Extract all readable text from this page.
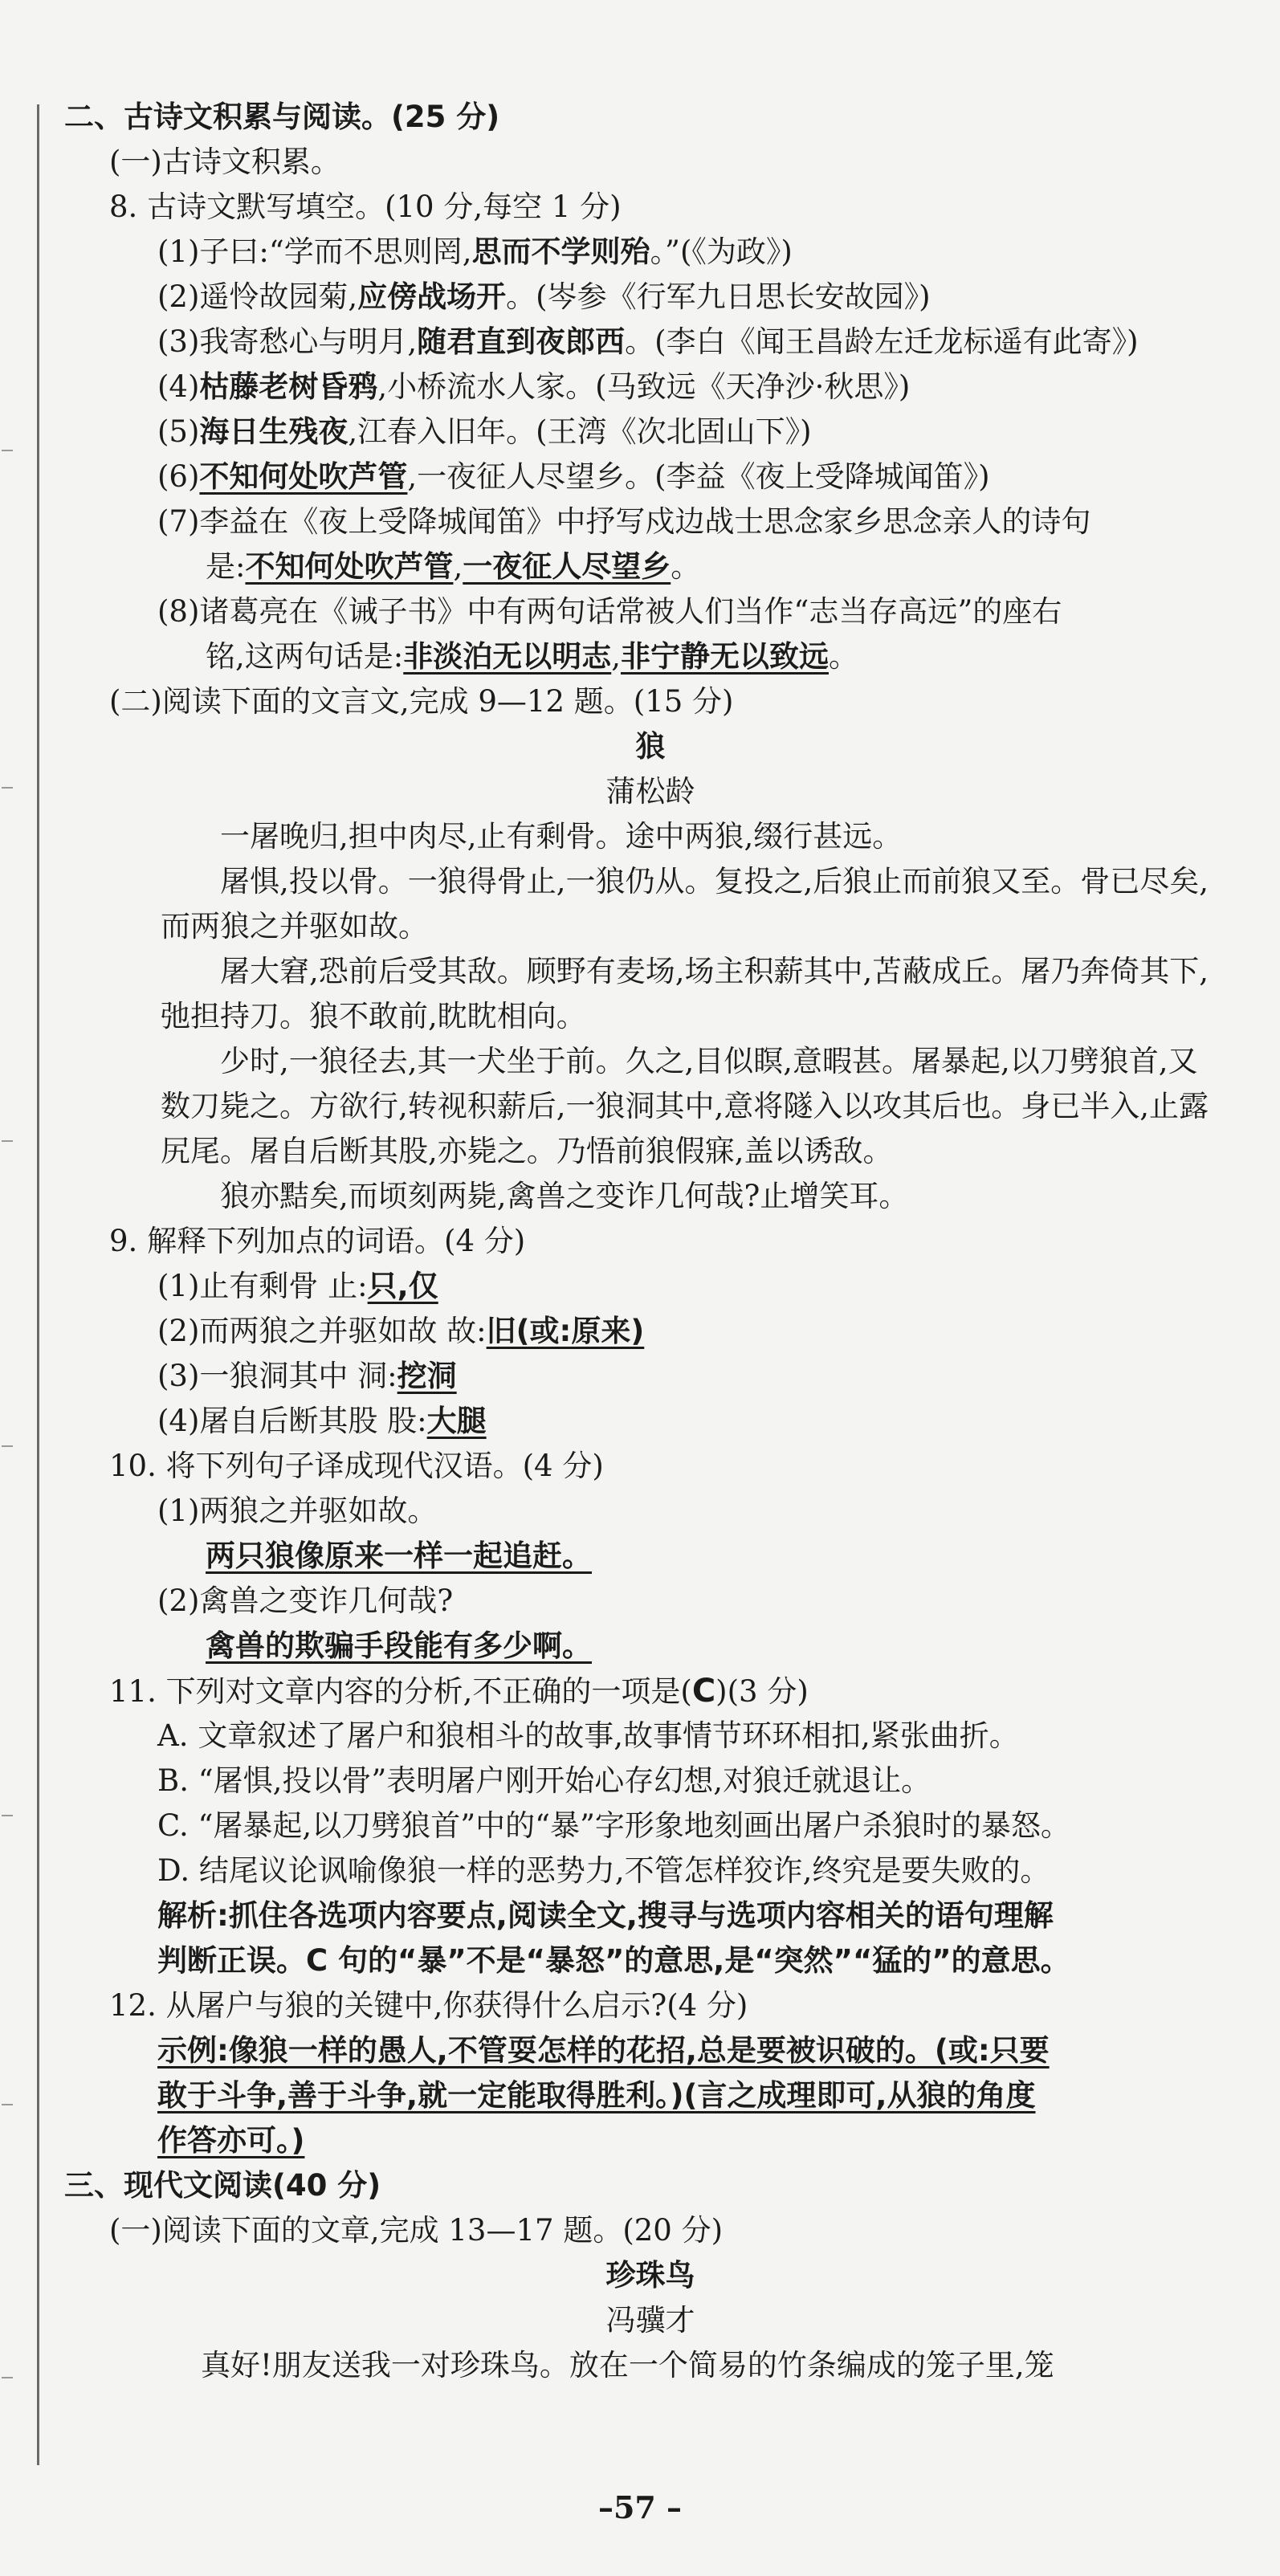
二、古诗文积累与阅读。(25 分)
(一)古诗文积累。
8. 古诗文默写填空。(10 分,每空 1 分)
(1)子曰:“学而不思则罔,思而不学则殆。”(《为政》)
(2)遥怜故园菊,应傍战场开。(岑参《行军九日思长安故园》)
(3)我寄愁心与明月,随君直到夜郎西。(李白《闻王昌龄左迁龙标遥有此寄》)
(4)枯藤老树昏鸦,小桥流水人家。(马致远《天净沙·秋思》)
(5)海日生残夜,江春入旧年。(王湾《次北固山下》)
(6)不知何处吹芦管,一夜征人尽望乡。(李益《夜上受降城闻笛》)
(7)李益在《夜上受降城闻笛》中抒写戍边战士思念家乡思念亲人的诗句
是:不知何处吹芦管,一夜征人尽望乡。
(8)诸葛亮在《诫子书》中有两句话常被人们当作“志当存高远”的座右
铭,这两句话是:非淡泊无以明志,非宁静无以致远。
(二)阅读下面的文言文,完成 9—12 题。(15 分)
狼
蒲松龄
一屠晚归,担中肉尽,止有剩骨。途中两狼,缀行甚远。
屠惧,投以骨。一狼得骨止,一狼仍从。复投之,后狼止而前狼又至。骨已尽矣,而两狼之并驱如故。
屠大窘,恐前后受其敌。顾野有麦场,场主积薪其中,苫蔽成丘。屠乃奔倚其下,弛担持刀。狼不敢前,眈眈相向。
少时,一狼径去,其一犬坐于前。久之,目似瞑,意暇甚。屠暴起,以刀劈狼首,又数刀毙之。方欲行,转视积薪后,一狼洞其中,意将隧入以攻其后也。身已半入,止露尻尾。屠自后断其股,亦毙之。乃悟前狼假寐,盖以诱敌。
狼亦黠矣,而顷刻两毙,禽兽之变诈几何哉?止增笑耳。
9. 解释下列加点的词语。(4 分)
(1)止有剩骨 止:只,仅
(2)而两狼之并驱如故 故:旧(或:原来)
(3)一狼洞其中 洞:挖洞
(4)屠自后断其股 股:大腿
10. 将下列句子译成现代汉语。(4 分)
(1)两狼之并驱如故。
两只狼像原来一样一起追赶。
(2)禽兽之变诈几何哉?
禽兽的欺骗手段能有多少啊。
11. 下列对文章内容的分析,不正确的一项是(C)(3 分)
A. 文章叙述了屠户和狼相斗的故事,故事情节环环相扣,紧张曲折。
B. “屠惧,投以骨”表明屠户刚开始心存幻想,对狼迁就退让。
C. “屠暴起,以刀劈狼首”中的“暴”字形象地刻画出屠户杀狼时的暴怒。
D. 结尾议论讽喻像狼一样的恶势力,不管怎样狡诈,终究是要失败的。
解析:抓住各选项内容要点,阅读全文,搜寻与选项内容相关的语句理解
判断正误。C 句的“暴”不是“暴怒”的意思,是“突然”“猛的”的意思。
12. 从屠户与狼的关键中,你获得什么启示?(4 分)
示例:像狼一样的愚人,不管耍怎样的花招,总是要被识破的。(或:只要
敢于斗争,善于斗争,就一定能取得胜利。)(言之成理即可,从狼的角度
作答亦可。)
三、现代文阅读(40 分)
(一)阅读下面的文章,完成 13—17 题。(20 分)
珍珠鸟
冯骥才
真好!朋友送我一对珍珠鸟。放在一个简易的竹条编成的笼子里,笼
–57 –
